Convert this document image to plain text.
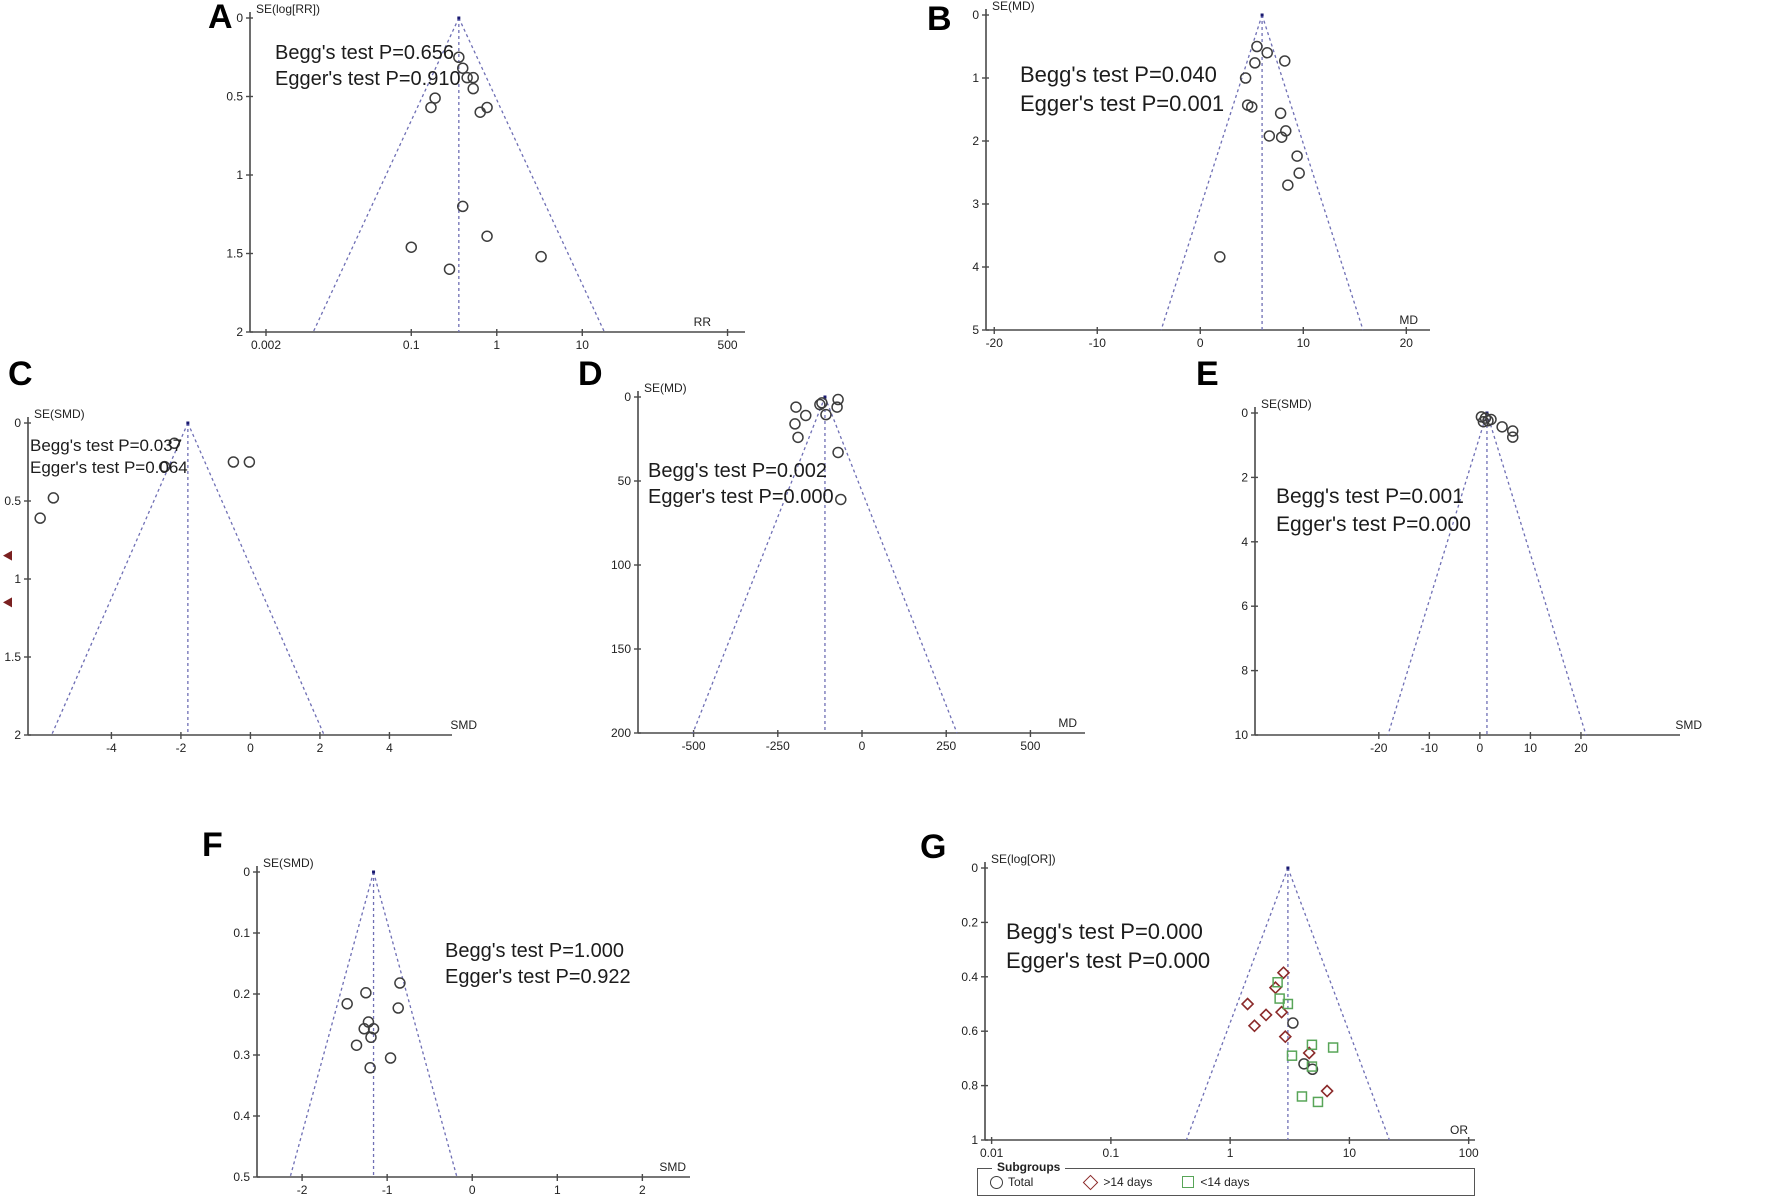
A
0.002	0.1	1	10	500
0
0.5
1
1.5
2
SE(log[RR])
RR
Begg's test P=0.656
Egger's test P=0.910
B
-20	-10	0	10	20
0
1
2
3
4
5
SE(MD)
MD
Begg's test P=0.040
Egger's test P=0.001
C
-4	-2	0	2	4
0
0.5
1
1.5
2
SE(SMD)
SMD
Begg's test P=0.037
Egger's test P=0.064
D
-500	-250	0	250	500
0
50
100
150
200
SE(MD)
MD
Begg's test P=0.002
Egger's test P=0.000
E
-20	-10	0	10	20
0
2
4
6
8
10
SE(SMD)
SMD
Begg's test P=0.001
Egger's test P=0.000
F
-2	-1	0	1	2
0
0.1
0.2
0.3
0.4
0.5
SE(SMD)
SMD
Begg's test P=1.000
Egger's test P=0.922
G
0.01	0.1	1	10	100
0
0.2
0.4
0.6
0.8
1
SE(log[OR])
OR
Begg's test P=0.000
Egger's test P=0.000
Subgroups
Total	>14 days	<14 days
